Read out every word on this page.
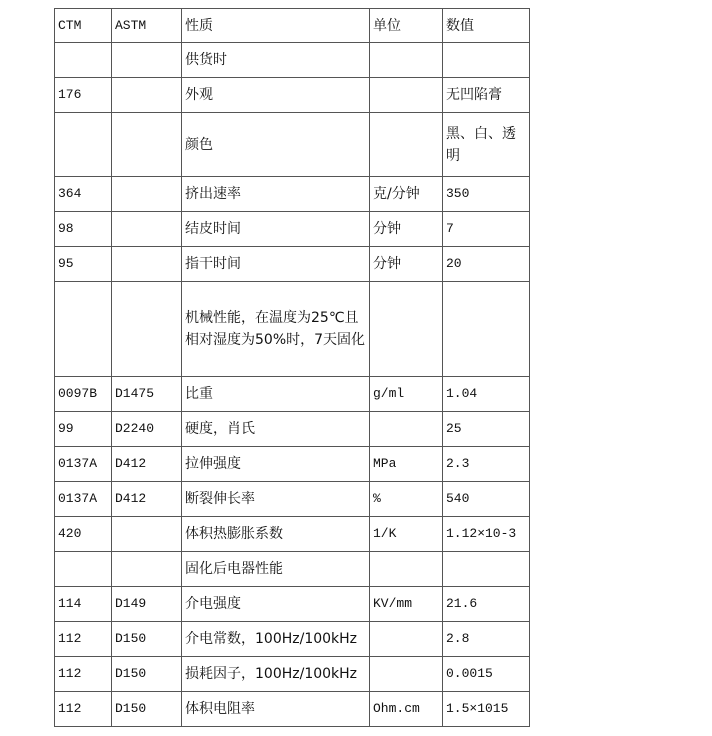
CTM	ASTM	性质	单位	数值
		供货时		
176		外观		无凹陷膏
		颜色		黑、白、透明
364		挤出速率	克/分钟	350
98		结皮时间	分钟	7
95		指干时间	分钟	20
		机械性能，在温度为25℃且相对湿度为50%时，7天固化		
0097B	D1475	比重	g/ml	1.04
99	D2240	硬度，肖氏		25
0137A	D412	拉伸强度	MPa	2.3
0137A	D412	断裂伸长率	%	540
420		体积热膨胀系数	1/K	1.12×10-3
		固化后电器性能		
114	D149	介电强度	KV/mm	21.6
112	D150	介电常数，100Hz/100kHz		2.8
112	D150	损耗因子，100Hz/100kHz		0.0015
112	D150	体积电阻率	Ohm.cm	1.5×1015
